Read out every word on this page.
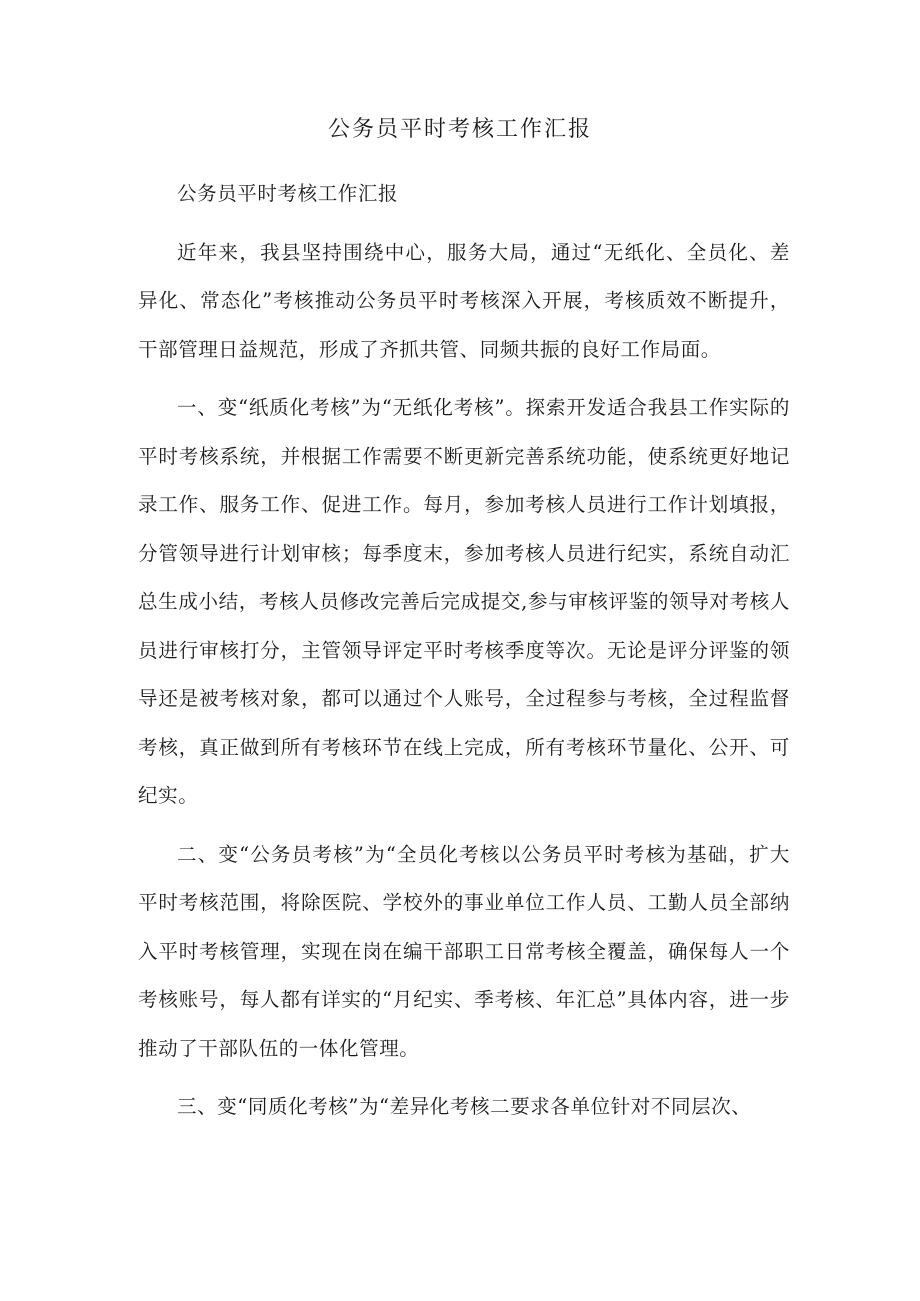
公务员平时考核工作汇报

公务员平时考核工作汇报

近年来，我县坚持围绕中心，服务大局，通过“无纸化、全员化、差异化、常态化”考核推动公务员平时考核深入开展，考核质效不断提升，干部管理日益规范，形成了齐抓共管、同频共振的良好工作局面。

一、变“纸质化考核”为“无纸化考核”。探索开发适合我县工作实际的平时考核系统，并根据工作需要不断更新完善系统功能，使系统更好地记录工作、服务工作、促进工作。每月，参加考核人员进行工作计划填报，分管领导进行计划审核；每季度末，参加考核人员进行纪实，系统自动汇总生成小结，考核人员修改完善后完成提交,参与审核评鉴的领导对考核人员进行审核打分，主管领导评定平时考核季度等次。无论是评分评鉴的领导还是被考核对象，都可以通过个人账号，全过程参与考核，全过程监督考核，真正做到所有考核环节在线上完成，所有考核环节量化、公开、可纪实。

二、变“公务员考核”为“全员化考核以公务员平时考核为基础，扩大平时考核范围，将除医院、学校外的事业单位工作人员、工勤人员全部纳入平时考核管理，实现在岗在编干部职工日常考核全覆盖，确保每人一个考核账号，每人都有详实的“月纪实、季考核、年汇总”具体内容，进一步推动了干部队伍的一体化管理。

三、变“同质化考核”为“差异化考核二要求各单位针对不同层次、
